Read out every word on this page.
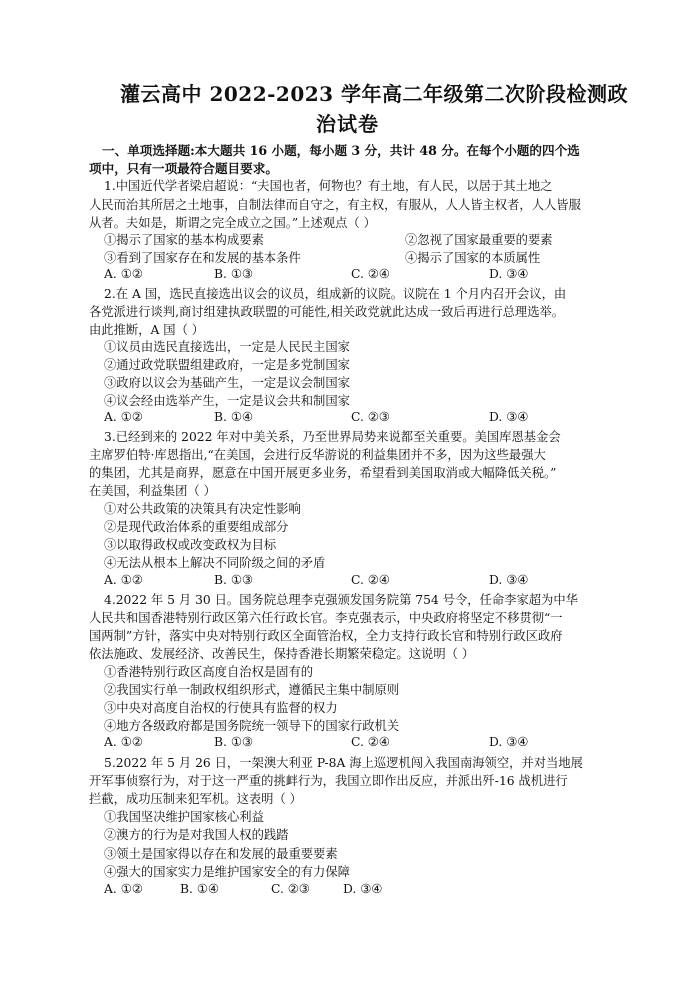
灌云高中 2022-2023 学年高二年级第二次阶段检测政
治试卷
一、单项选择题:本大题共 16 小题，每小题 3 分，共计 48 分。在每个小题的四个选
项中，只有一项最符合题目要求。
1.中国近代学者梁启超说：“夫国也者，何物也？有土地，有人民，以居于其土地之
人民而治其所居之土地事，自制法律而自守之，有主权，有服从，人人皆主权者，人人皆服
从者。夫如是，斯谓之完全成立之国。”上述观点（ ）
①揭示了国家的基本构成要素	②忽视了国家最重要的要素
③看到了国家存在和发展的基本条件	④揭示了国家的本质属性
A. ①②	B. ①③	C. ②④	D. ③④
2.在 A 国，选民直接选出议会的议员，组成新的议院。议院在 1 个月内召开会议，由
各党派进行谈判,商讨组建执政联盟的可能性,相关政党就此达成一致后再进行总理选举。
由此推断，A 国（ ）
①议员由选民直接选出，一定是人民民主国家
②通过政党联盟组建政府，一定是多党制国家
③政府以议会为基础产生，一定是议会制国家
④议会经由选举产生，一定是议会共和制国家
A. ①②	B. ①④	C. ②③	D. ③④
3.已经到来的 2022 年对中美关系，乃至世界局势来说都至关重要。美国库恩基金会
主席罗伯特·库恩指出,“在美国，会进行反华游说的利益集团并不多，因为这些最强大
的集团，尤其是商界，愿意在中国开展更多业务，希望看到美国取消或大幅降低关税。”
在美国，利益集团（ ）
①对公共政策的决策具有决定性影响
②是现代政治体系的重要组成部分
③以取得政权或改变政权为目标
④无法从根本上解决不同阶级之间的矛盾
A. ①②	B. ①③	C. ②④	D. ③④
4.2022 年 5 月 30 日。国务院总理李克强颁发国务院第 754 号令，任命李家超为中华
人民共和国香港特别行政区第六任行政长官。李克强表示，中央政府将坚定不移贯彻“一
国两制”方针，落实中央对特别行政区全面管治权，全力支持行政长官和特别行政区政府
依法施政、发展经济、改善民生，保持香港长期繁荣稳定。这说明（ ）
①香港特别行政区高度自治权是固有的
②我国实行单一制政权组织形式，遵循民主集中制原则
③中央对高度自治权的行使具有监督的权力
④地方各级政府都是国务院统一领导下的国家行政机关
A. ①②	B. ①③	C. ②④	D. ③④
5.2022 年 5 月 26 日，一架澳大利亚 P-8A 海上巡逻机闯入我国南海领空，并对当地展
开军事侦察行为，对于这一严重的挑衅行为，我国立即作出反应，并派出歼-16 战机进行
拦截，成功压制来犯军机。这表明（ ）
①我国坚决维护国家核心利益
②澳方的行为是对我国人权的践踏
③领土是国家得以存在和发展的最重要要素
④强大的国家实力是维护国家安全的有力保障
A. ①②	B. ①④	C. ②③	D. ③④
